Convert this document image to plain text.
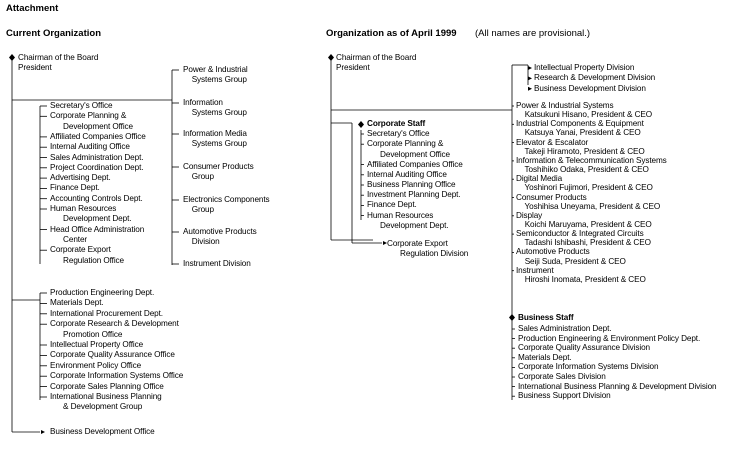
Attachment
Current Organization
Chairman of the Board
President
Secretary's Office
Corporate Planning &
Development Office
Affiliated Companies Office
Internal Auditing Office
Sales Administration Dept.
Project Coordination Dept.
Advertising Dept.
Finance Dept.
Accounting Controls Dept.
Human Resources
Development Dept.
Head Office Administration
Center
Corporate Export
Regulation Office
Production Engineering Dept.
Materials Dept.
International Procurement Dept.
Corporate Research & Development
Promotion Office
Intellectual Property Office
Corporate Quality Assurance Office
Environment Policy Office
Corporate Information Systems Office
Corporate Sales Planning Office
International Business Planning
& Development Group
Business Development Office
Power & Industrial
Systems Group
Information
Systems Group
Information Media
Systems Group
Consumer Products
Group
Electronics Components
Group
Automotive Products
Division
Instrument Division
Organization as of April 1999 (All names are provisional.)
Chairman of the Board
President	Intellectual Property Division
Research & Development Division
Business Development Division
Power & Industrial Systems
Katsukuni Hisano, President & CEO
Industrial Components & Equipment
Katsuya Yanai, President & CEO
Elevator & Escalator
Takeji Hiramoto, President & CEO
Information & Telecommunication Systems
Toshihiko Odaka, President & CEO
Digital Media
Yoshinori Fujimori, President & CEO
Consumer Products
Yoshihisa Uneyama, President & CEO
Display
Koichi Maruyama, President & CEO
Semiconductor & Integrated Circuits
Tadashi Ishibashi, President & CEO
Automotive Products
Seiji Suda, President & CEO
Instrument
Hiroshi Inomata, President & CEO
Corporate Staff
Secretary's Office
Corporate Planning &
Development Office
Affiliated Companies Office
Internal Auditing Office
Business Planning Office
Investment Planning Dept.
Finance Dept.
Human Resources
Development Dept.
Corporate Export
Regulation Division
Business Staff
Sales Administration Dept.
Production Engineering & Environment Policy Dept.
Corporate Quality Assurance Division
Materials Dept.
Corporate Information Systems Division
Corporate Sales Division
International Business Planning & Development Division
Business Support Division
